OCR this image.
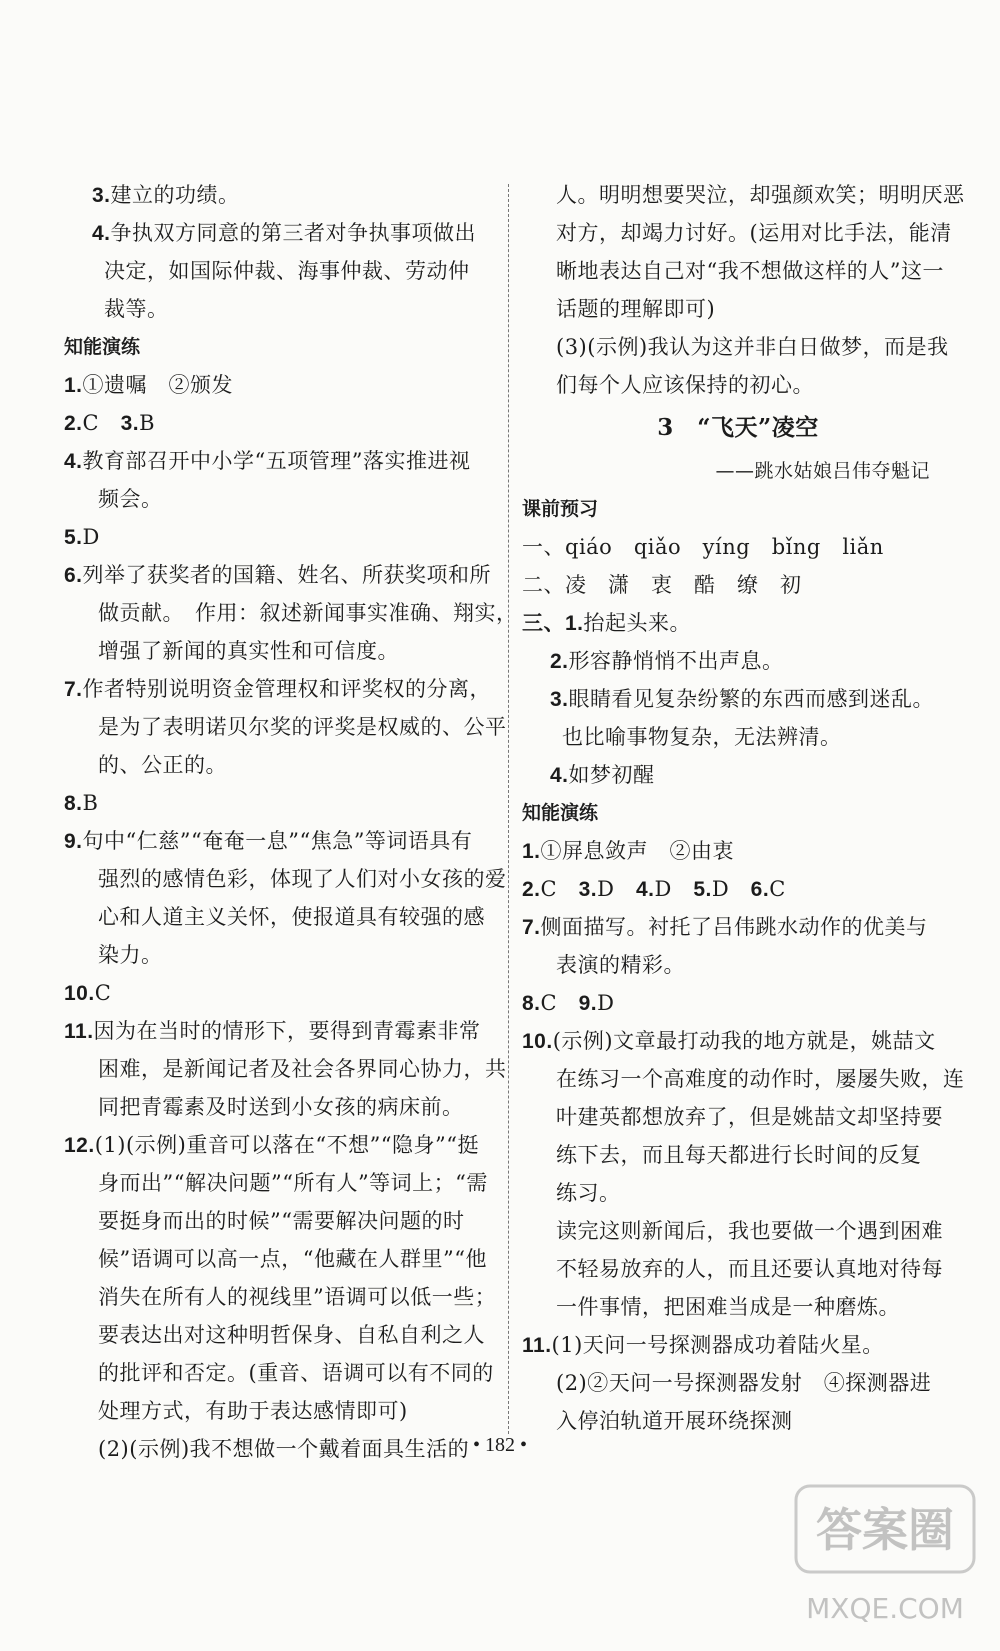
3.建立的功绩。
4.争执双方同意的第三者对争执事项做出
决定，如国际仲裁、海事仲裁、劳动仲
裁等。
知能演练
1.①遗嘱　②颁发
2.C　3.B
4.教育部召开中小学“五项管理”落实推进视
频会。
5.D
6.列举了获奖者的国籍、姓名、所获奖项和所
做贡献。　作用：叙述新闻事实准确、翔实，
增强了新闻的真实性和可信度。
7.作者特别说明资金管理权和评奖权的分离，
是为了表明诺贝尔奖的评奖是权威的、公平
的、公正的。
8.B
9.句中“仁慈”“奄奄一息”“焦急”等词语具有
强烈的感情色彩，体现了人们对小女孩的爱
心和人道主义关怀，使报道具有较强的感
染力。
10.C
11.因为在当时的情形下，要得到青霉素非常
困难，是新闻记者及社会各界同心协力，共
同把青霉素及时送到小女孩的病床前。
12.(1)(示例)重音可以落在“不想”“隐身”“挺
身而出”“解决问题”“所有人”等词上；“需
要挺身而出的时候”“需要解决问题的时
候”语调可以高一点，“他藏在人群里”“他
消失在所有人的视线里”语调可以低一些；
要表达出对这种明哲保身、自私自利之人
的批评和否定。(重音、语调可以有不同的
处理方式，有助于表达感情即可)
(2)(示例)我不想做一个戴着面具生活的
人。明明想要哭泣，却强颜欢笑；明明厌恶
对方，却竭力讨好。(运用对比手法，能清
晰地表达自己对“我不想做这样的人”这一
话题的理解即可)
(3)(示例)我认为这并非白日做梦，而是我
们每个人应该保持的初心。
3　“飞天”凌空
——跳水姑娘吕伟夺魁记
课前预习
一、qiáo　qiǎo　yíng　bǐng　liǎn
二、凌　潇　衷　酷　缭　初
三、1.抬起头来。
2.形容静悄悄不出声息。
3.眼睛看见复杂纷繁的东西而感到迷乱。
也比喻事物复杂，无法辨清。
4.如梦初醒
知能演练
1.①屏息敛声　②由衷
2.C　3.D　4.D　5.D　6.C
7.侧面描写。衬托了吕伟跳水动作的优美与
表演的精彩。
8.C　9.D
10.(示例)文章最打动我的地方就是，姚喆文
在练习一个高难度的动作时，屡屡失败，连
叶建英都想放弃了，但是姚喆文却坚持要
练下去，而且每天都进行长时间的反复
练习。
读完这则新闻后，我也要做一个遇到困难
不轻易放弃的人，而且还要认真地对待每
一件事情，把困难当成是一种磨炼。
11.(1)天问一号探测器成功着陆火星。
(2)②天问一号探测器发射　④探测器进
入停泊轨道开展环绕探测
• 182 •
答案圈
MXQE.COM
